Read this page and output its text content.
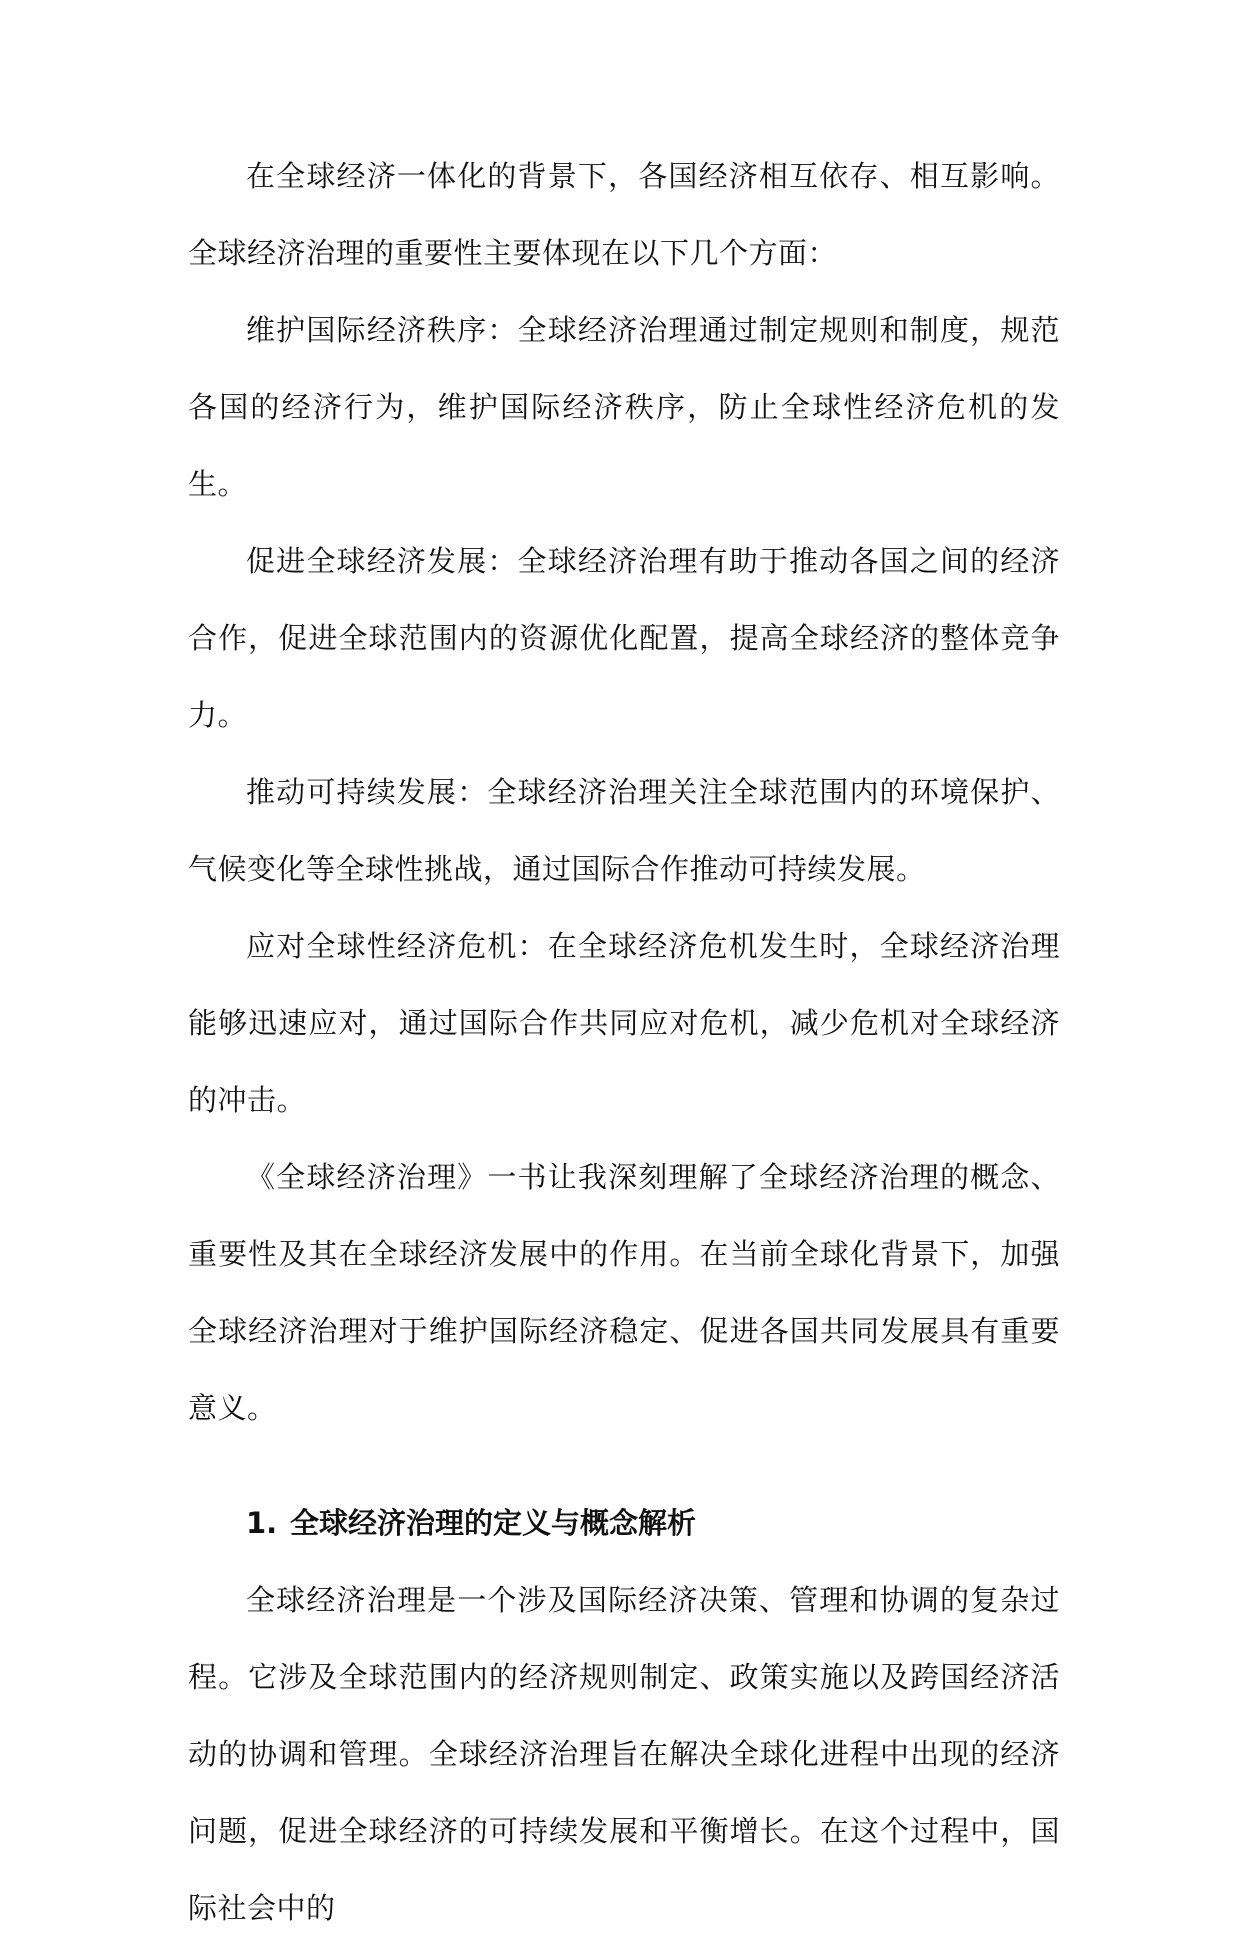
在全球经济一体化的背景下，各国经济相互依存、相互影响。全球经济治理的重要性主要体现在以下几个方面：

维护国际经济秩序：全球经济治理通过制定规则和制度，规范各国的经济行为，维护国际经济秩序，防止全球性经济危机的发生。

促进全球经济发展：全球经济治理有助于推动各国之间的经济合作，促进全球范围内的资源优化配置，提高全球经济的整体竞争力。

推动可持续发展：全球经济治理关注全球范围内的环境保护、气候变化等全球性挑战，通过国际合作推动可持续发展。

应对全球性经济危机：在全球经济危机发生时，全球经济治理能够迅速应对，通过国际合作共同应对危机，减少危机对全球经济的冲击。

《全球经济治理》一书让我深刻理解了全球经济治理的概念、重要性及其在全球经济发展中的作用。在当前全球化背景下，加强全球经济治理对于维护国际经济稳定、促进各国共同发展具有重要意义。

1. 全球经济治理的定义与概念解析

全球经济治理是一个涉及国际经济决策、管理和协调的复杂过程。它涉及全球范围内的经济规则制定、政策实施以及跨国经济活动的协调和管理。全球经济治理旨在解决全球化进程中出现的经济问题，促进全球经济的可持续发展和平衡增长。在这个过程中，国际社会中的
